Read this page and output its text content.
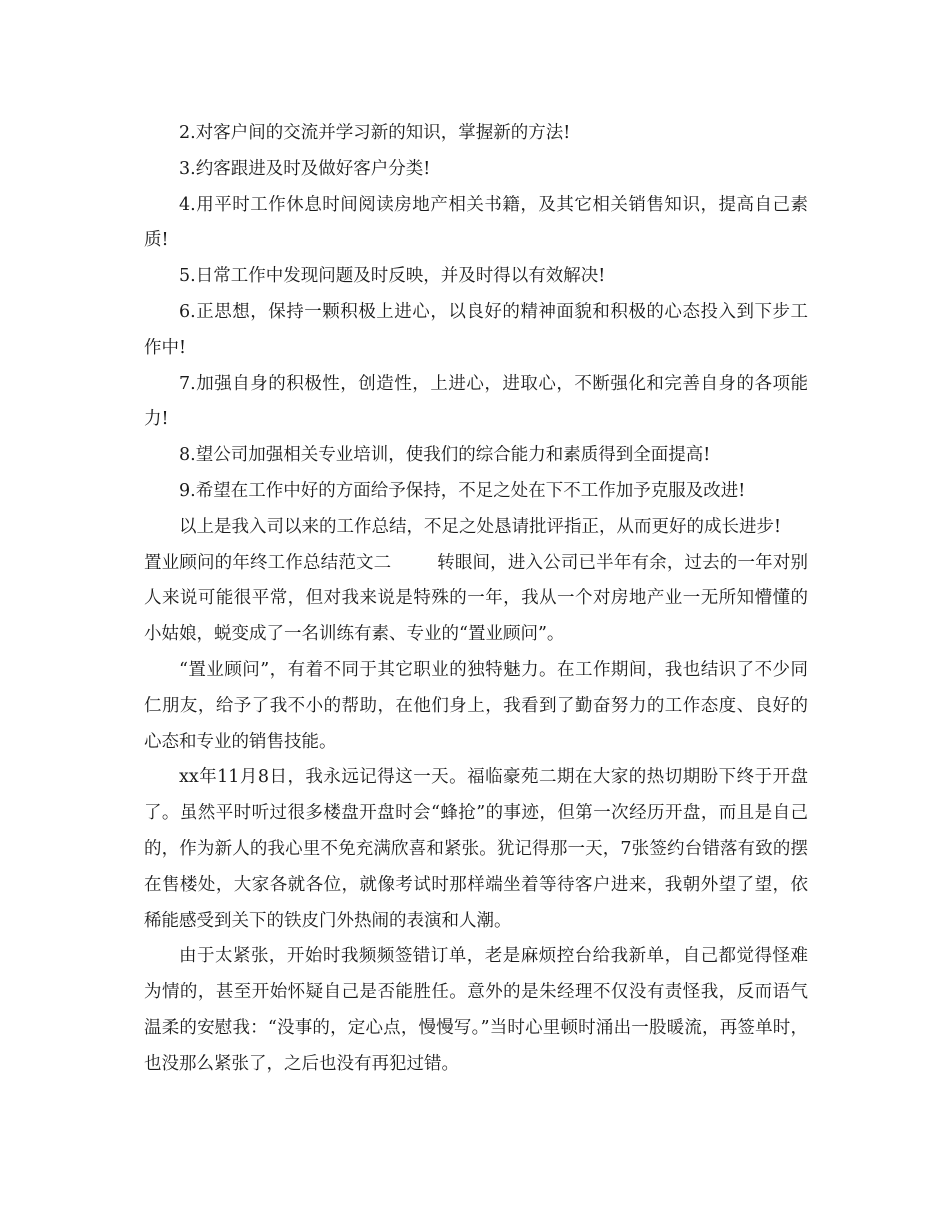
2.对客户间的交流并学习新的知识，掌握新的方法!

3.约客跟进及时及做好客户分类!

4.用平时工作休息时间阅读房地产相关书籍，及其它相关销售知识，提高自己素质!

5.日常工作中发现问题及时反映，并及时得以有效解决!

6.正思想，保持一颗积极上进心，以良好的精神面貌和积极的心态投入到下步工作中!

7.加强自身的积极性，创造性，上进心，进取心，不断强化和完善自身的各项能力!

8.望公司加强相关专业培训，使我们的综合能力和素质得到全面提高!

9.希望在工作中好的方面给予保持，不足之处在下不工作加予克服及改进!

以上是我入司以来的工作总结，不足之处恳请批评指正，从而更好的成长进步!

置业顾问的年终工作总结范文二	转眼间，进入公司已半年有余，过去的一年对别人来说可能很平常，但对我来说是特殊的一年，我从一个对房地产业一无所知懵懂的小姑娘，蜕变成了一名训练有素、专业的“置业顾问”。

“置业顾问”，有着不同于其它职业的独特魅力。在工作期间，我也结识了不少同仁朋友，给予了我不小的帮助，在他们身上，我看到了勤奋努力的工作态度、良好的心态和专业的销售技能。

xx年11月8日，我永远记得这一天。福临豪苑二期在大家的热切期盼下终于开盘了。虽然平时听过很多楼盘开盘时会“蜂抢”的事迹，但第一次经历开盘，而且是自己的，作为新人的我心里不免充满欣喜和紧张。犹记得那一天，7张签约台错落有致的摆在售楼处，大家各就各位，就像考试时那样端坐着等待客户进来，我朝外望了望，依稀能感受到关下的铁皮门外热闹的表演和人潮。

由于太紧张，开始时我频频签错订单，老是麻烦控台给我新单，自己都觉得怪难为情的，甚至开始怀疑自己是否能胜任。意外的是朱经理不仅没有责怪我，反而语气温柔的安慰我：“没事的，定心点，慢慢写。”当时心里顿时涌出一股暖流，再签单时，也没那么紧张了，之后也没有再犯过错。
